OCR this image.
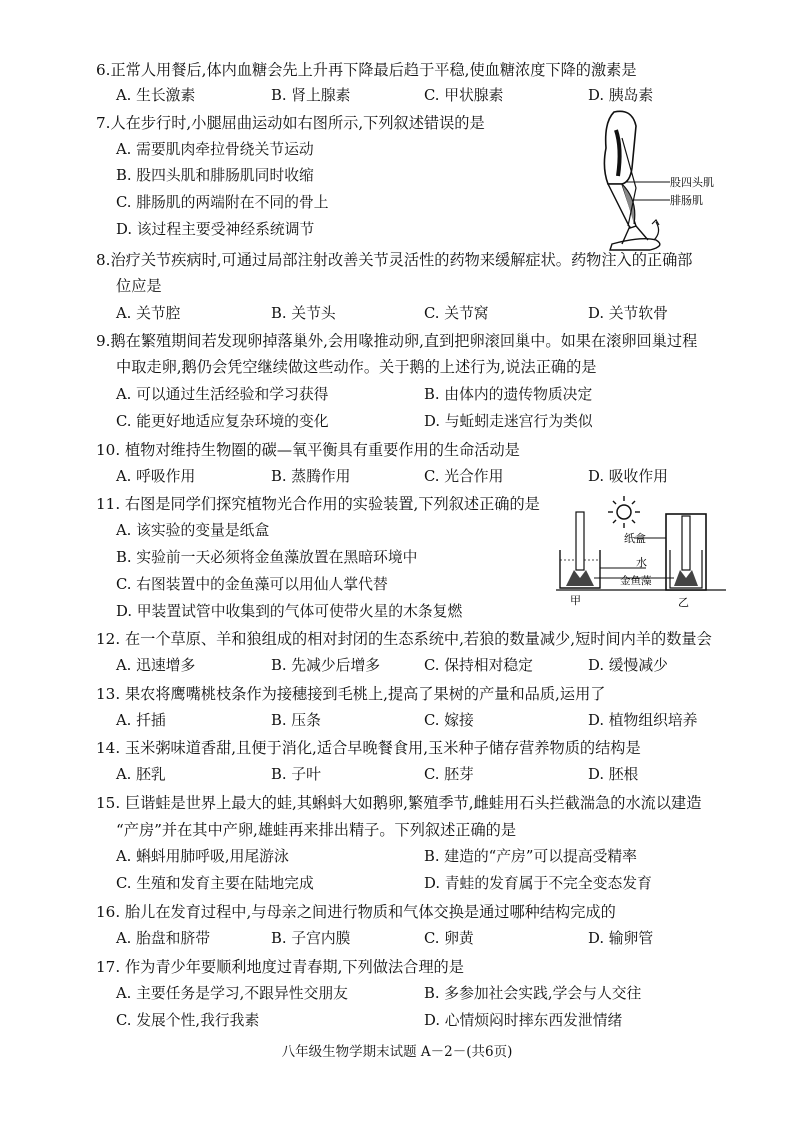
6.正常人用餐后,体内血糖会先上升再下降最后趋于平稳,使血糖浓度下降的激素是
A. 生长激素	B. 肾上腺素	C. 甲状腺素	D. 胰岛素
7.人在步行时,小腿屈曲运动如右图所示,下列叙述错误的是
A. 需要肌肉牵拉骨绕关节运动
B. 股四头肌和腓肠肌同时收缩
C. 腓肠肌的两端附在不同的骨上
D. 该过程主要受神经系统调节
股四头肌
腓肠肌
8.治疗关节疾病时,可通过局部注射改善关节灵活性的药物来缓解症状。药物注入的正确部
位应是
A. 关节腔	B. 关节头	C. 关节窝	D. 关节软骨
9.鹅在繁殖期间若发现卵掉落巢外,会用喙推动卵,直到把卵滚回巢中。如果在滚卵回巢过程
中取走卵,鹅仍会凭空继续做这些动作。关于鹅的上述行为,说法正确的是
A. 可以通过生活经验和学习获得	B. 由体内的遗传物质决定
C. 能更好地适应复杂环境的变化	D. 与蚯蚓走迷宫行为类似
10. 植物对维持生物圈的碳—氧平衡具有重要作用的生命活动是
A. 呼吸作用	B. 蒸腾作用	C. 光合作用	D. 吸收作用
11. 右图是同学们探究植物光合作用的实验装置,下列叙述正确的是
A. 该实验的变量是纸盒
B. 实验前一天必须将金鱼藻放置在黑暗环境中
C. 右图装置中的金鱼藻可以用仙人掌代替
D. 甲装置试管中收集到的气体可使带火星的木条复燃
纸盒
水
金鱼藻
甲	乙
12. 在一个草原、羊和狼组成的相对封闭的生态系统中,若狼的数量减少,短时间内羊的数量会
A. 迅速增多	B. 先减少后增多	C. 保持相对稳定	D. 缓慢减少
13. 果农将鹰嘴桃枝条作为接穗接到毛桃上,提高了果树的产量和品质,运用了
A. 扦插	B. 压条	C. 嫁接	D. 植物组织培养
14. 玉米粥味道香甜,且便于消化,适合早晚餐食用,玉米种子储存营养物质的结构是
A. 胚乳	B. 子叶	C. 胚芽	D. 胚根
15. 巨谐蛙是世界上最大的蛙,其蝌蚪大如鹅卵,繁殖季节,雌蛙用石头拦截湍急的水流以建造
“产房”并在其中产卵,雄蛙再来排出精子。下列叙述正确的是
A. 蝌蚪用肺呼吸,用尾游泳	B. 建造的“产房”可以提高受精率
C. 生殖和发育主要在陆地完成	D. 青蛙的发育属于不完全变态发育
16. 胎儿在发育过程中,与母亲之间进行物质和气体交换是通过哪种结构完成的
A. 胎盘和脐带	B. 子宫内膜	C. 卵黄	D. 输卵管
17. 作为青少年要顺利地度过青春期,下列做法合理的是
A. 主要任务是学习,不跟异性交朋友	B. 多参加社会实践,学会与人交往
C. 发展个性,我行我素	D. 心情烦闷时摔东西发泄情绪
八年级生物学期末试题 A－2－(共6页)
